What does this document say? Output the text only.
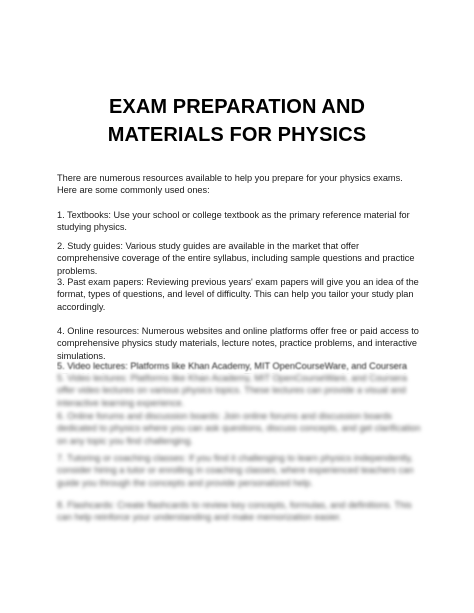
EXAM PREPARATION AND
MATERIALS FOR PHYSICS

There are numerous resources available to help you prepare for your physics exams. Here are some commonly used ones:

1. Textbooks: Use your school or college textbook as the primary reference material for studying physics.

2. Study guides: Various study guides are available in the market that offer comprehensive coverage of the entire syllabus, including sample questions and practice problems.

3. Past exam papers: Reviewing previous years' exam papers will give you an idea of the format, types of questions, and level of difficulty. This can help you tailor your study plan accordingly.

4. Online resources: Numerous websites and online platforms offer free or paid access to comprehensive physics study materials, lecture notes, practice problems, and interactive simulations.

5. Video lectures: Platforms like Khan Academy, MIT OpenCourseWare, and Coursera

5. Video lectures: Platforms like Khan Academy, MIT OpenCourseWare, and Coursera offer video lectures on various physics topics. These lectures can provide a visual and interactive learning experience.

6. Online forums and discussion boards: Join online forums and discussion boards dedicated to physics where you can ask questions, discuss concepts, and get clarification on any topic you find challenging.

7. Tutoring or coaching classes: If you find it challenging to learn physics independently, consider hiring a tutor or enrolling in coaching classes, where experienced teachers can guide you through the concepts and provide personalized help.

8. Flashcards: Create flashcards to review key concepts, formulas, and definitions. This can help reinforce your understanding and make memorization easier.
